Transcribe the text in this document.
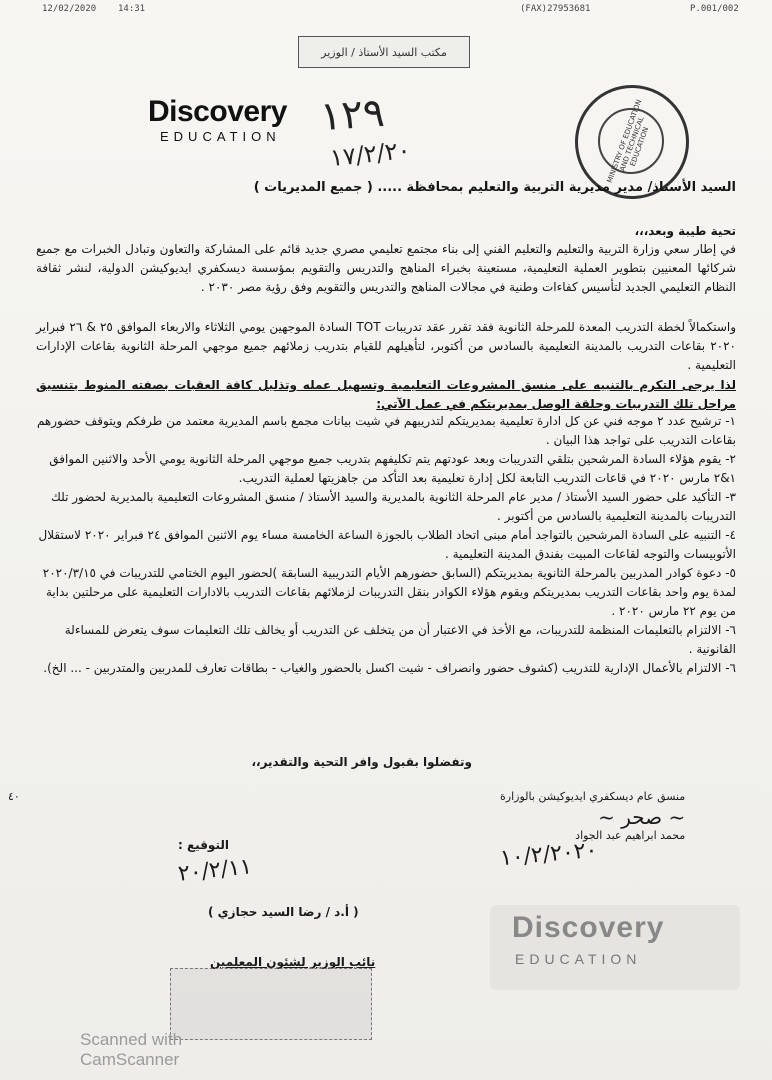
12/02/2020 14:31	(FAX)27953681	P.001/002
مكتب السيد الأستاذ / الوزير
Discovery
EDUCATION ١٢٩
١٧/٢/٢٠	MINISTRY OF EDUCATION AND TECHNICAL EDUCATION
السيد الأستاذ/ مدير مديرية التربية والتعليم بمحافظة ..... ( جميع المديريات )
تحية طيبة وبعد،،،
في إطار سعي وزارة التربية والتعليم والتعليم الفني إلى بناء مجتمع تعليمي مصري جديد قائم على المشاركة والتعاون وتبادل الخبرات مع جميع شركائها المعنيين بتطوير العملية التعليمية، مستعينة بخبراء المناهج والتدريس والتقويم بمؤسسة ديسكفري ايديوكيشن الدولية، لنشر ثقافة النظام التعليمي الجديد لتأسيس كفاءات وطنية في مجالات المناهج والتدريس والتقويم وفق رؤية مصر ٢٠٣٠ .
واستكمالاً لخطة التدريب المعدة للمرحلة الثانوية فقد تقرر عقد تدريبات TOT السادة الموجهين يومي الثلاثاء والاربعاء الموافق ٢٥ & ٢٦ فبراير ٢٠٢٠ بقاعات التدريب بالمدينة التعليمية بالسادس من أكتوبر، لتأهيلهم للقيام بتدريب زملائهم جميع موجهي المرحلة الثانوية بقاعات الإدارات التعليمية .
لذا يرجى التكرم بالتنبيه على منسق المشروعات التعليمية وتسهيل عمله وتذليل كافة العقبات بصفته المنوط بتنسيق مراحل تلك التدريبات وحلقة الوصل بمديريتكم في عمل الآتي:
١- ترشيح عدد ٢ موجه فني عن كل ادارة تعليمية بمديريتكم لتدريبهم في شيت بيانات مجمع باسم المديرية معتمد من طرفكم ويتوقف حضورهم بقاعات التدريب على تواجد هذا البيان .
٢- يقوم هؤلاء السادة المرشحين بتلقي التدريبات وبعد عودتهم يتم تكليفهم بتدريب جميع موجهي المرحلة الثانوية يومي الأحد والاثنين الموافق ١&٢ مارس ٢٠٢٠ في قاعات التدريب التابعة لكل إدارة تعليمية بعد التأكد من جاهزيتها لعملية التدريب.
٣- التأكيد على حضور السيد الأستاذ / مدير عام المرحلة الثانوية بالمديرية والسيد الأستاذ / منسق المشروعات التعليمية بالمديرية لحضور تلك التدريبات بالمدينة التعليمية بالسادس من أكتوبر .
٤- التنبيه على السادة المرشحين بالتواجد أمام مبنى اتحاد الطلاب بالجوزة الساعة الخامسة مساء يوم الاثنين الموافق ٢٤ فبراير ٢٠٢٠ لاستقلال الأتوبيسات والتوجه لقاعات المبيت بفندق المدينة التعليمية .
٥- دعوة كوادر المدربين بالمرحلة الثانوية بمديريتكم (السابق حضورهم الأيام التدريبية السابقة )لحضور اليوم الختامي للتدريبات في ٢٠٢٠/٣/١٥ لمدة يوم واحد بقاعات التدريب بمديريتكم ويقوم هؤلاء الكوادر بنقل التدريبات لزملائهم بقاعات التدريب بالادارات التعليمية على مرحلتين بداية من يوم ٢٢ مارس ٢٠٢٠ .
٦- الالتزام بالتعليمات المنظمة للتدريبات، مع الأخذ في الاعتبار أن من يتخلف عن التدريب أو يخالف تلك التعليمات سوف يتعرض للمساءلة القانونية .
٦- الالتزام بالأعمال الإدارية للتدريب (كشوف حضور وانصراف - شيت اكسل بالحضور والغياب - بطاقات تعارف للمدربين والمتدربين - ... الخ).
وتفضلوا بقبول وافر التحية والتقدير،،
٤٠	منسق عام ديسكفري ايديوكيشن بالوزارة
~ صحر ~
محمد ابراهيم عبد الجواد
١٠/٢/٢٠٢٠
Discovery
EDUCATION
التوقيع :
٢٠/٢/١١
( أ.د / رضا السيد حجازي )
نائب الوزير لشئون المعلمين
Scanned with
CamScanner
